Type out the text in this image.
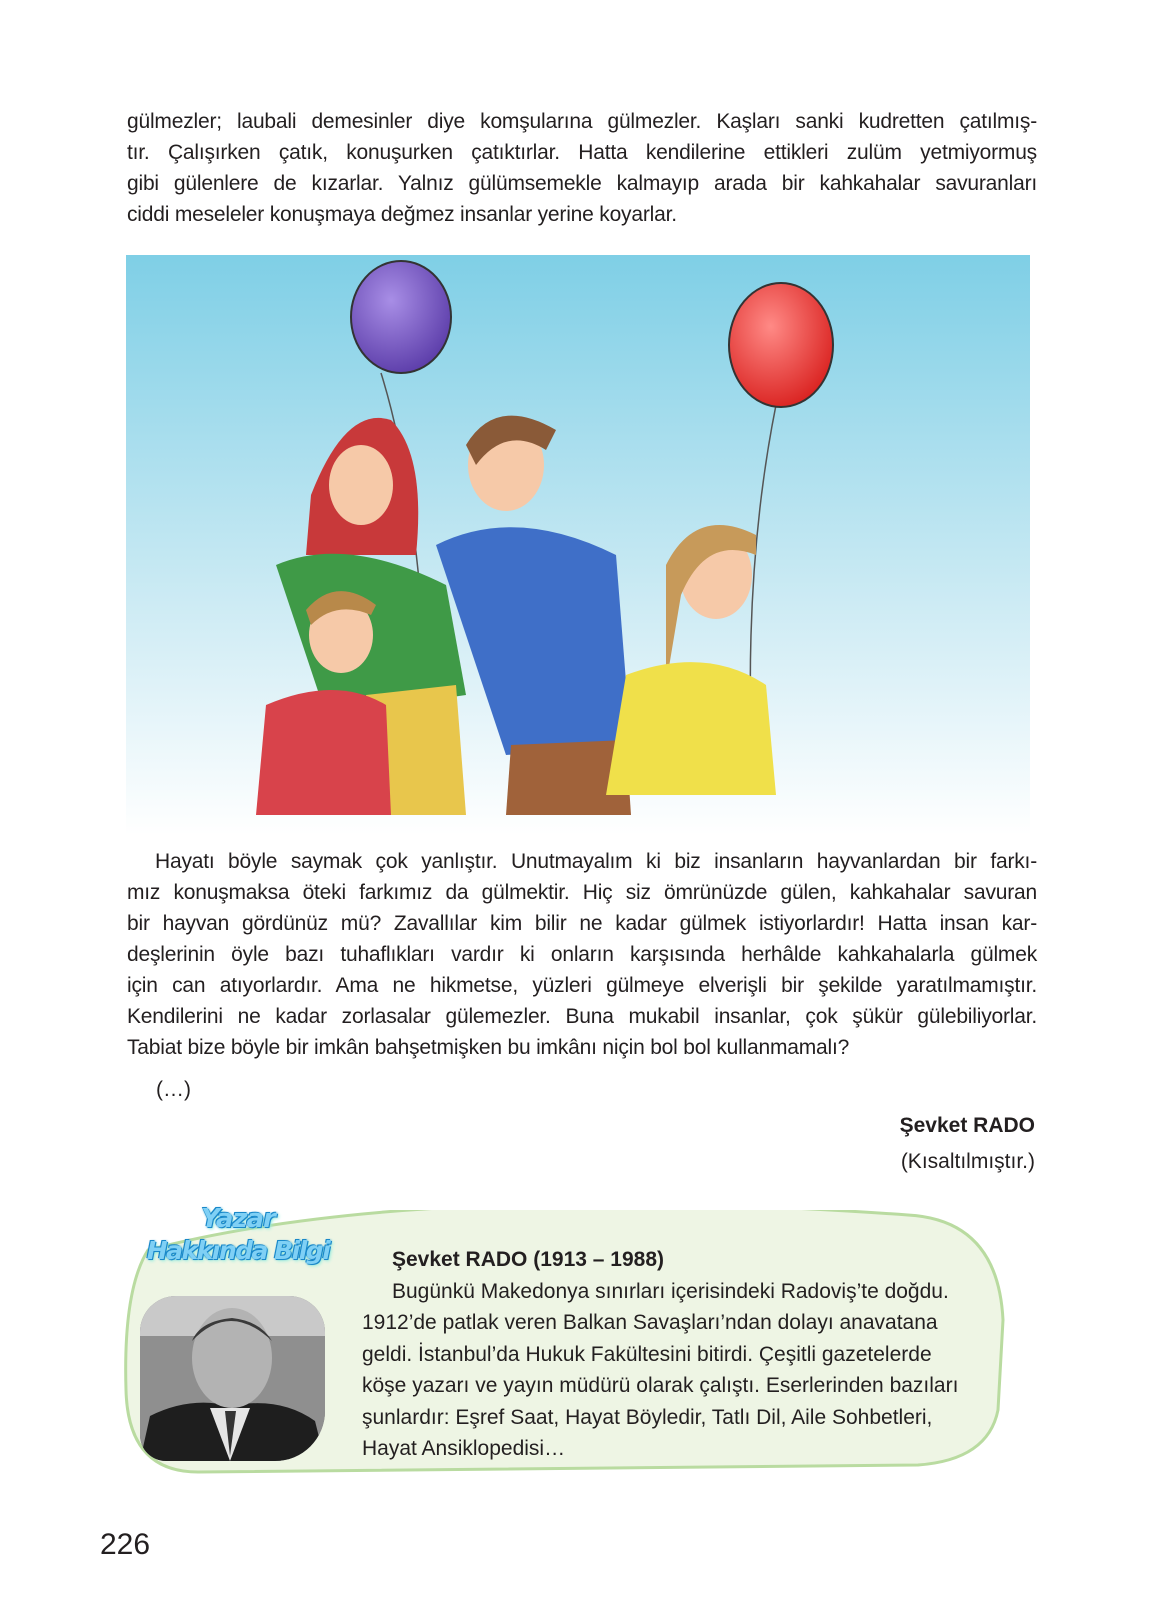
gülmezler; laubali demesinler diye komşularına gülmezler. Kaşları sanki kudretten çatılmış-
tır. Çalışırken çatık, konuşurken çatıktırlar. Hatta kendilerine ettikleri zulüm yetmiyormuş
gibi gülenlere de kızarlar. Yalnız gülümsemekle kalmayıp arada bir kahkahalar savuranları
ciddi meseleler konuşmaya değmez insanlar yerine koyarlar.
Hayatı böyle saymak çok yanlıştır. Unutmayalım ki biz insanların hayvanlardan bir farkı-
mız konuşmaksa öteki farkımız da gülmektir. Hiç siz ömrünüzde gülen, kahkahalar savuran
bir hayvan gördünüz mü? Zavallılar kim bilir ne kadar gülmek istiyorlardır! Hatta insan kar-
deşlerinin öyle bazı tuhaflıkları vardır ki onların karşısında herhâlde kahkahalarla gülmek
için can atıyorlardır. Ama ne hikmetse, yüzleri gülmeye elverişli bir şekilde yaratılmamıştır.
Kendilerini ne kadar zorlasalar gülemezler. Buna mukabil insanlar, çok şükür gülebiliyorlar.
Tabiat bize böyle bir imkân bahşetmişken bu imkânı niçin bol bol kullanmamalı?
(…)
Şevket RADO
(Kısaltılmıştır.)
Yazar
Hakkında Bilgi	Şevket RADO (1913 – 1988)
Bugünkü Makedonya sınırları içerisindeki Radoviş’te doğdu.
1912’de patlak veren Balkan Savaşları’ndan dolayı anavatana
geldi. İstanbul’da Hukuk Fakültesini bitirdi. Çeşitli gazetelerde
köşe yazarı ve yayın müdürü olarak çalıştı. Eserlerinden bazıları
şunlardır: Eşref Saat, Hayat Böyledir, Tatlı Dil, Aile Sohbetleri,
Hayat Ansiklopedisi…
226
